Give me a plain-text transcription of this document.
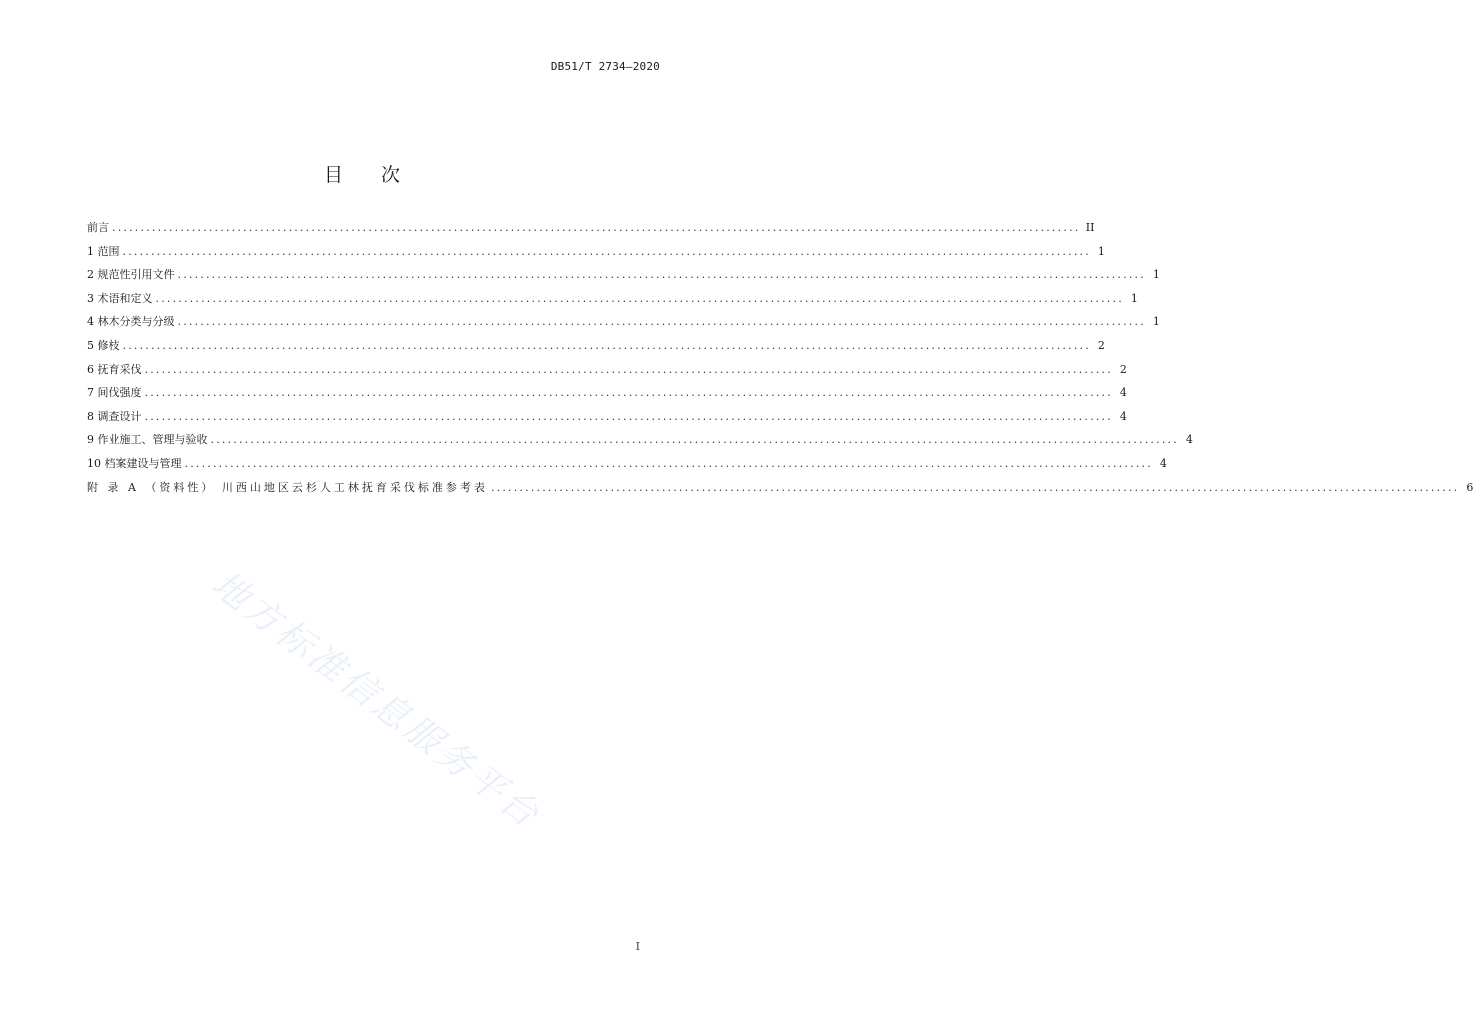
DB51/T 2734—2020
目 次
前言 .......................................................................................................................................................................... II
1 范围 .......................................................................................................................................................................... 1
2 规范性引用文件 .......................................................................................................................................................................... 1
3 术语和定义 .......................................................................................................................................................................... 1
4 林木分类与分级 .......................................................................................................................................................................... 1
5 修枝 .......................................................................................................................................................................... 2
6 抚育采伐 .......................................................................................................................................................................... 2
7 间伐强度 .......................................................................................................................................................................... 4
8 调查设计 .......................................................................................................................................................................... 4
9 作业施工、管理与验收 .......................................................................................................................................................................... 4
10 档案建设与管理 .......................................................................................................................................................................... 4
附 录 A （资料性） 川西山地区云杉人工林抚育采伐标准参考表 .......................................................................................................................................................................... 6
地方标准信息服务平台
I
